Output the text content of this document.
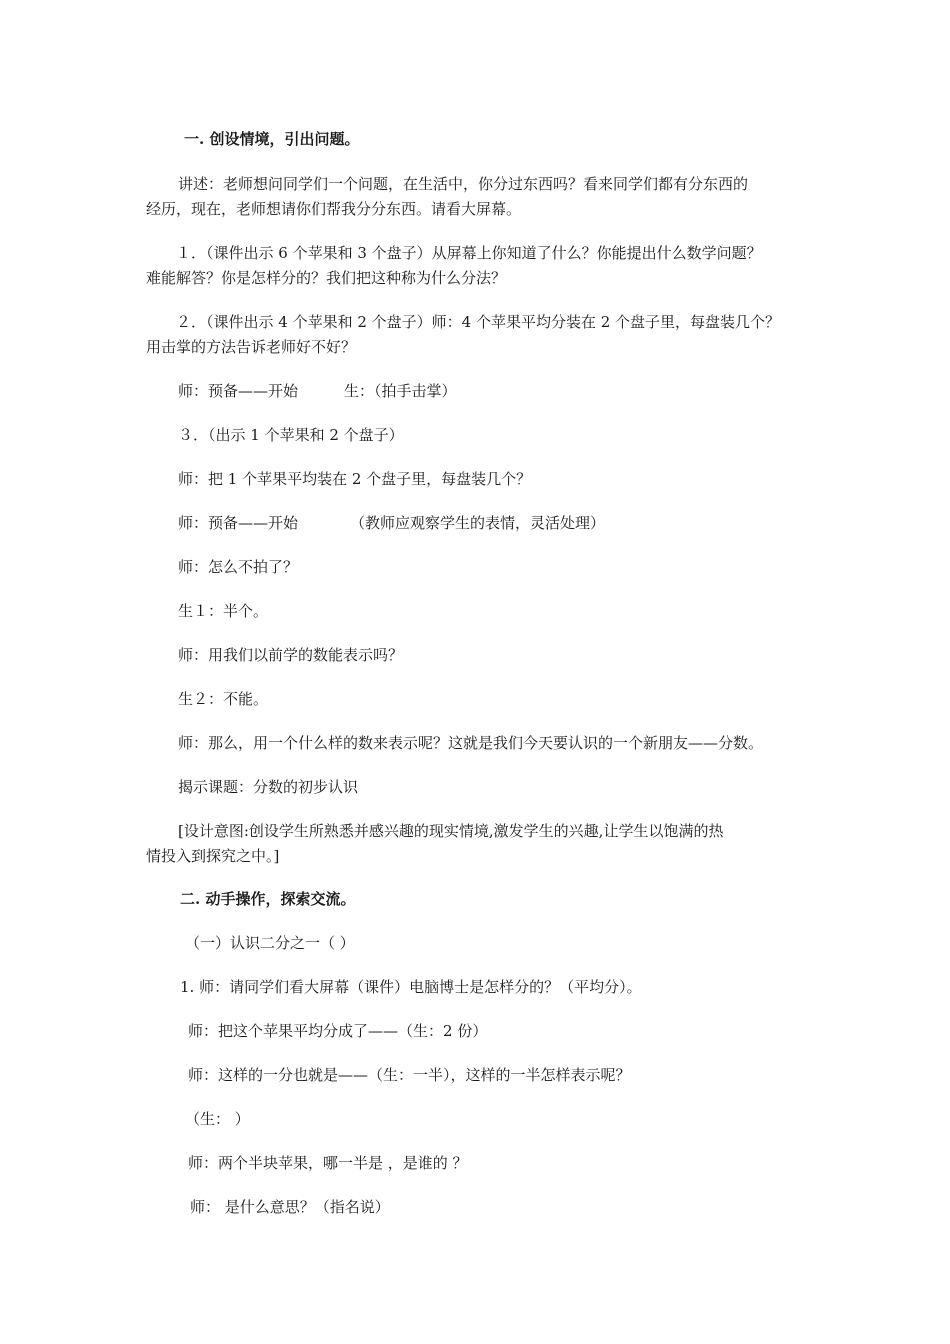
一. 创设情境，引出问题。
讲述：老师想问同学们一个问题，在生活中，你分过东西吗？看来同学们都有分东西的
经历，现在，老师想请你们帮我分分东西。请看大屏幕。
１．（课件出示 6 个苹果和 3 个盘子）从屏幕上你知道了什么？你能提出什么数学问题？
难能解答？你是怎样分的？我们把这种称为什么分法？
２．（课件出示 4 个苹果和 2 个盘子）师：4 个苹果平均分装在 2 个盘子里，每盘装几个？
用击掌的方法告诉老师好不好？
师：预备——开始	生：（拍手击掌）
３．（出示 1 个苹果和 2 个盘子）
师：把 1 个苹果平均装在 2 个盘子里，每盘装几个？
师：预备——开始	（教师应观察学生的表情，灵活处理）
师：怎么不拍了？
生１：半个。
师：用我们以前学的数能表示吗？
生２：不能。
师：那么，用一个什么样的数来表示呢？这就是我们今天要认识的一个新朋友——分数。
揭示课题：分数的初步认识
[设计意图:创设学生所熟悉并感兴趣的现实情境,激发学生的兴趣,让学生以饱满的热
情投入到探究之中。]
二. 动手操作，探索交流。
（一）认识二分之一（ ）
1. 师：请同学们看大屏幕（课件）电脑博士是怎样分的？（平均分）。
师：把这个苹果平均分成了——（生：2 份）
师：这样的一分也就是——（生：一半），这样的一半怎样表示呢？
（生： ）
师：两个半块苹果，哪一半是 ，是谁的 ？
师： 是什么意思？（指名说）
